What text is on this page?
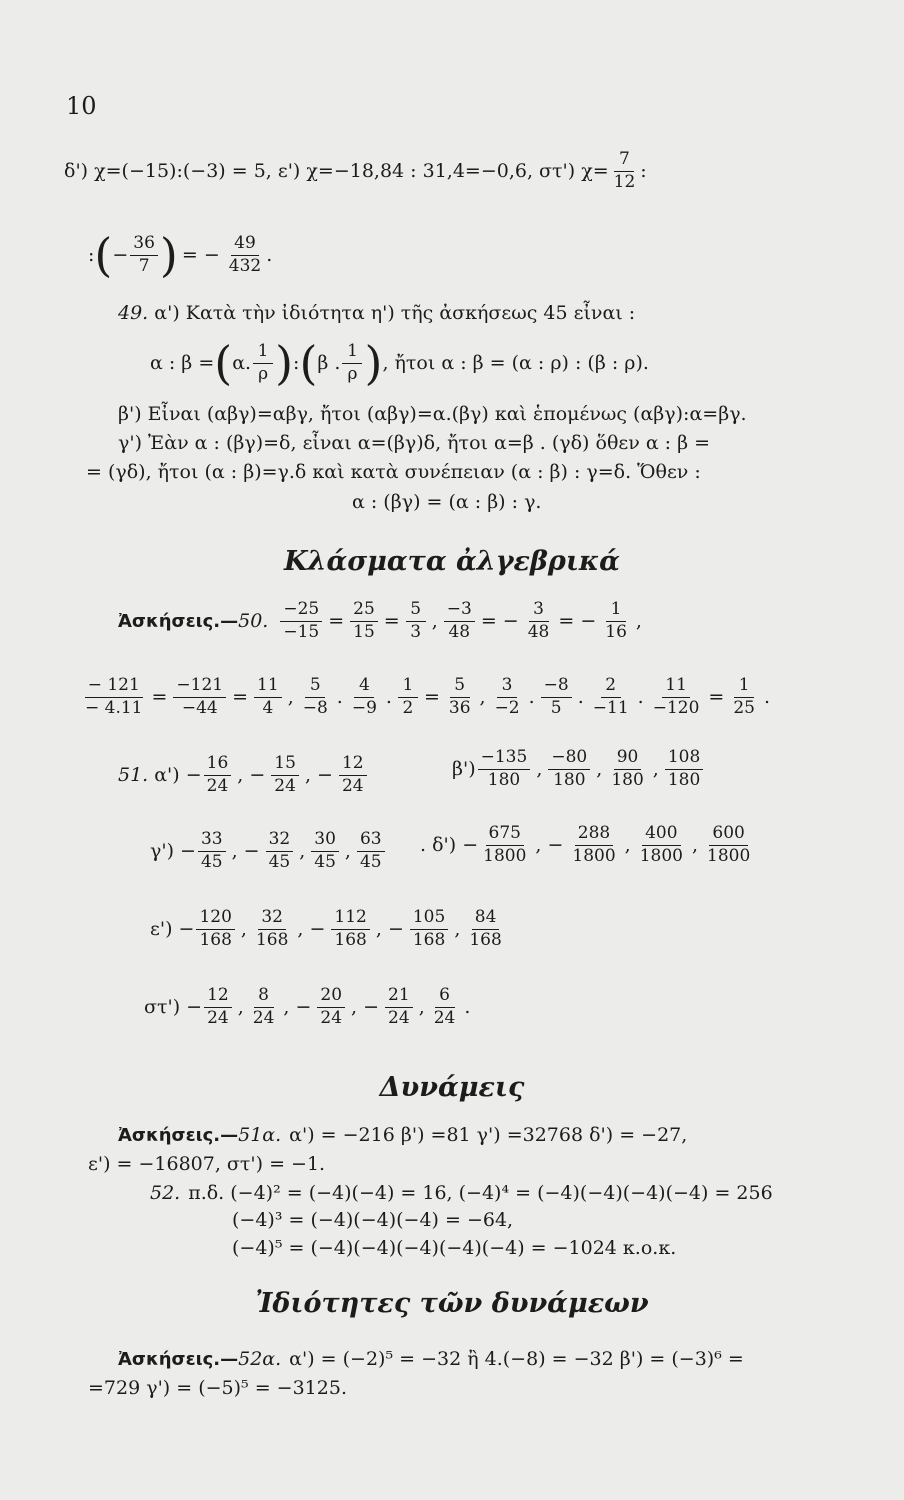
10
δ') χ=(−15):(−3) = 5, ε') χ=−18,84 : 31,4=−0,6, στ') $\chi= \frac{7}{12}$ :
: ( − $\frac{36}{7}$ ) = − $\frac{49}{432}$ .
49.
α') Κατὰ τὴν ἰδιότητα η') τῆς ἀσκήσεως 45 εἶναι :
α : β = ( α. $\frac{1}{\rho}$ ) : ( β . $\frac{1}{\rho}$ ) , ἤτοι α : β = (α : ρ) : (β : ρ).
β') Εἶναι (αβγ)=αβγ, ἤτοι (αβγ)=α.(βγ) καὶ ἑπομένως (αβγ):α=βγ.
γ') Ἐὰν α : (βγ)=δ, εἶναι α=(βγ)δ, ἤτοι α=β . (γδ) ὅθεν α : β =
= (γδ), ἤτοι (α : β)=γ.δ καὶ κατὰ συνέπειαν (α : β) : γ=δ. Ὅθεν :
α : (βγ) = (α : β) : γ.
Κλάσματα ἀλγεβρικά
Ἀσκήσεις.— 50. $\frac{-25}{-15} = \frac{25}{15} = \frac{5}{3}$ , $\frac{-3}{48}$ = − $\frac{3}{48}$ = − $\frac{1}{16}$ ,
$\frac{- 121}{- 4.11} = \frac{-121}{-44} = \frac{11}{4}$ , $\frac{5}{-8}$ . $\frac{4}{-9}$ . $\frac{1}{2} = \frac{5}{36}$ , $\frac{3}{-2}$ . $\frac{-8}{5}$ . $\frac{2}{-11}$ . $\frac{11}{-120} = \frac{1}{25}$ .
51. $\alpha') - \frac{16}{24}$ , − $\frac{15}{24}$ , − $\frac{12}{24}$	$\beta') \frac{-135}{180}$ , $\frac{-80}{180}$ , $\frac{90}{180}$ , $\frac{108}{180}$
$\gamma') - \frac{33}{45}$ , − $\frac{32}{45}$ , $\frac{30}{45}$ , $\frac{63}{45}$ . $\delta') - \frac{675}{1800}$ , − $\frac{288}{1800}$ , $\frac{400}{1800}$ , $\frac{600}{1800}$
$\varepsilon') - \frac{120}{168}$ , $\frac{32}{168}$ , − $\frac{112}{168}$ , − $\frac{105}{168}$ , $\frac{84}{168}$
$\sigma\tau') - \frac{12}{24}$ , $\frac{8}{24}$ , − $\frac{20}{24}$ , − $\frac{21}{24}$ , $\frac{6}{24}$ .
Δυνάμεις
Ἀσκήσεις.— 51α. α') = −216 β') =81 γ') =32768 δ') = −27,
ε') = −16807, στ') = −1.
52. π.δ. (−4)² = (−4)(−4) = 16, (−4)⁴ = (−4)(−4)(−4)(−4) = 256
(−4)³ = (−4)(−4)(−4) = −64,
(−4)⁵ = (−4)(−4)(−4)(−4)(−4) = −1024 κ.ο.κ.
Ἰδιότητες τῶν δυνάμεων
Ἀσκήσεις.— 52α. α') = (−2)⁵ = −32 ἢ 4.(−8) = −32 β') = (−3)⁶ =
=729 γ') = (−5)⁵ = −3125.
